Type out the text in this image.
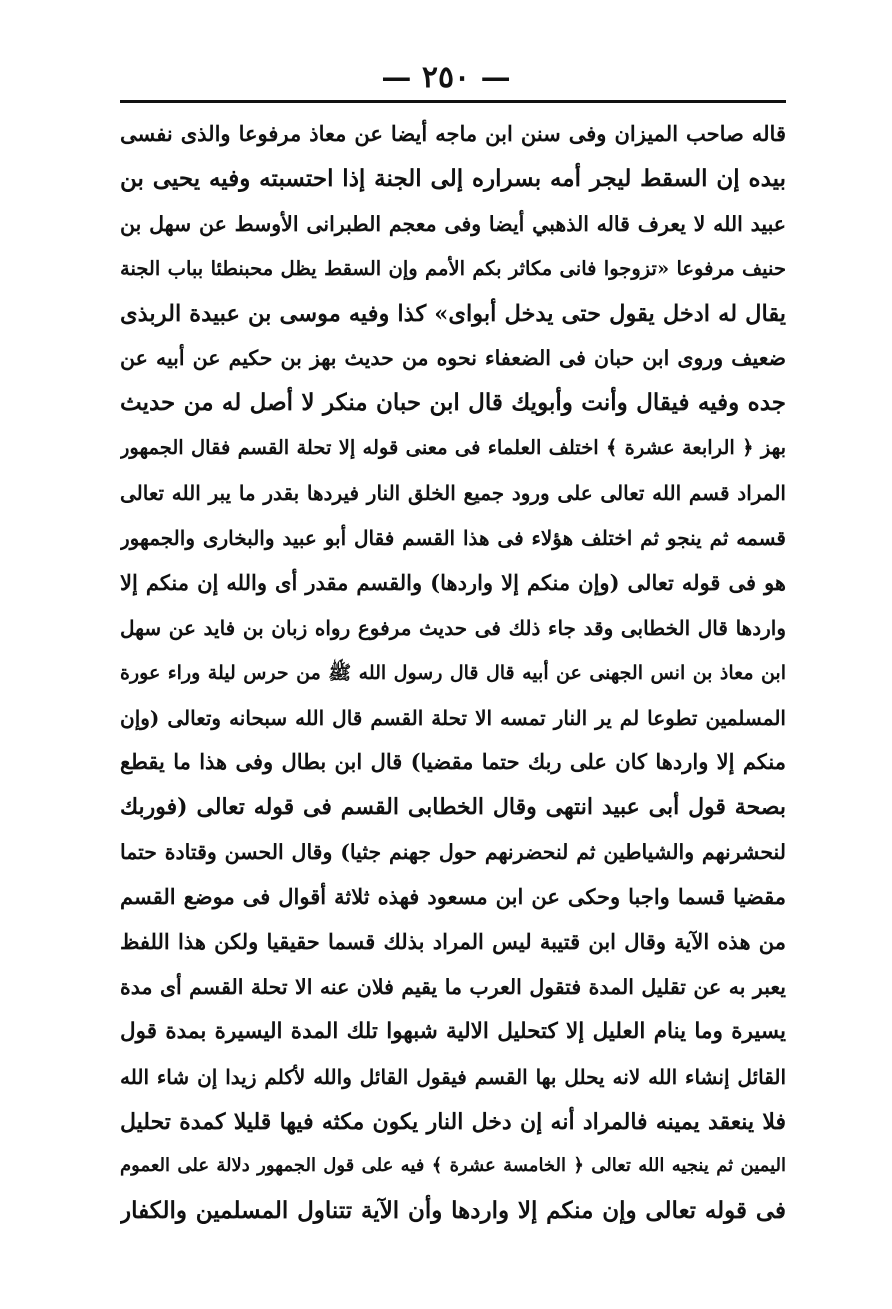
— ٢٥٠ —
قاله صاحب الميزان وفى سنن ابن ماجه أيضا عن معاذ مرفوعا والذى نفسى
بيده إن السقط ليجر أمه بسراره إلى الجنة إذا احتسبته وفيه يحيى بن
عبيد الله لا يعرف قاله الذهبي أيضا وفى معجم الطبرانى الأوسط عن سهل بن
حنيف مرفوعا «تزوجوا فانى مكاثر بكم الأمم وإن السقط يظل محبنطئا بباب الجنة
يقال له ادخل يقول حتى يدخل أبواى» كذا وفيه موسى بن عبيدة الربذى
ضعيف وروى ابن حبان فى الضعفاء نحوه من حديث بهز بن حكيم عن أبيه عن
جده وفيه فيقال وأنت وأبويك قال ابن حبان منكر لا أصل له من حديث
بهز ﴿ الرابعة عشرة ﴾ اختلف العلماء فى معنى قوله إلا تحلة القسم فقال الجمهور
المراد قسم الله تعالى على ورود جميع الخلق النار فيردها بقدر ما يبر الله تعالى
قسمه ثم ينجو ثم اختلف هؤلاء فى هذا القسم فقال أبو عبيد والبخارى والجمهور
هو فى قوله تعالى (وإن منكم إلا واردها) والقسم مقدر أى والله إن منكم إلا
واردها قال الخطابى وقد جاء ذلك فى حديث مرفوع رواه زبان بن فايد عن سهل
ابن معاذ بن انس الجهنى عن أبيه قال قال رسول الله ﷺ من حرس ليلة وراء عورة
المسلمين تطوعا لم ير النار تمسه الا تحلة القسم قال الله سبحانه وتعالى (وإن
منكم إلا واردها كان على ربك حتما مقضيا) قال ابن بطال وفى هذا ما يقطع
بصحة قول أبى عبيد انتهى وقال الخطابى القسم فى قوله تعالى (فوربك
لنحشرنهم والشياطين ثم لنحضرنهم حول جهنم جثيا) وقال الحسن وقتادة حتما
مقضيا قسما واجبا وحكى عن ابن مسعود فهذه ثلاثة أقوال فى موضع القسم
من هذه الآية وقال ابن قتيبة ليس المراد بذلك قسما حقيقيا ولكن هذا اللفظ
يعبر به عن تقليل المدة فتقول العرب ما يقيم فلان عنه الا تحلة القسم أى مدة
يسيرة وما ينام العليل إلا كتحليل الالية شبهوا تلك المدة اليسيرة بمدة قول
القائل إنشاء الله لانه يحلل بها القسم فيقول القائل والله لأكلم زيدا إن شاء الله
فلا ينعقد يمينه فالمراد أنه إن دخل النار يكون مكثه فيها قليلا كمدة تحليل
اليمين ثم ينجيه الله تعالى ﴿ الخامسة عشرة ﴾ فيه على قول الجمهور دلالة على العموم
فى قوله تعالى وإن منكم إلا واردها وأن الآية تتناول المسلمين والكفار
